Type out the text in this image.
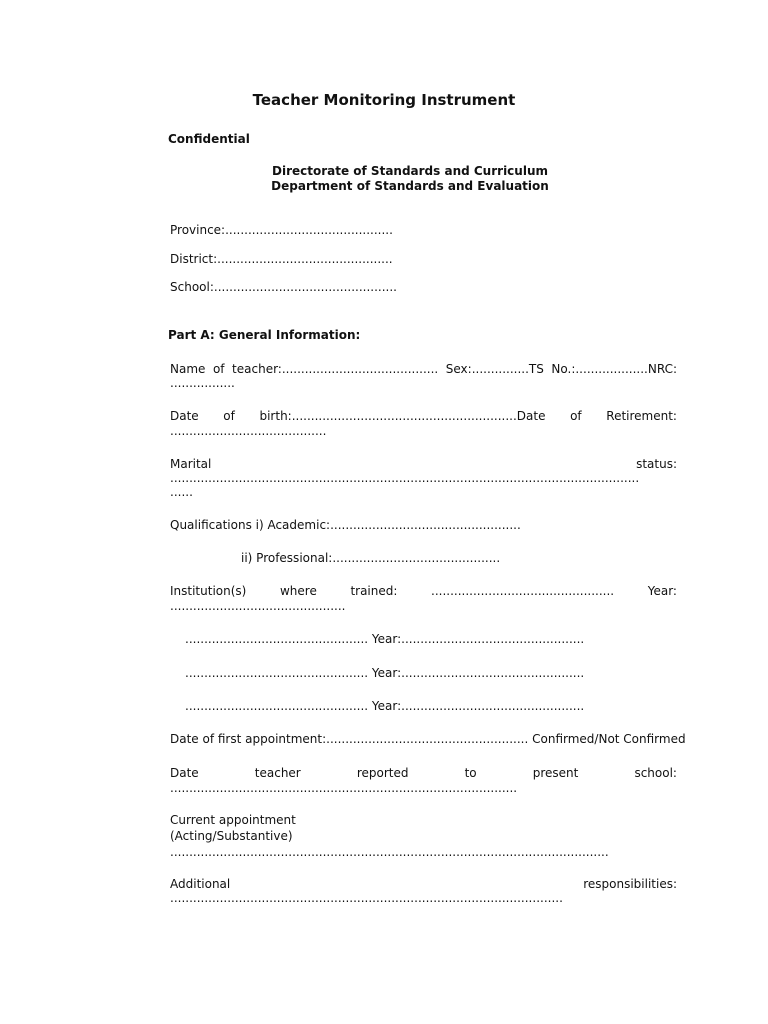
Teacher Monitoring Instrument
Confidential
Directorate of Standards and Curriculum
Department of Standards and Evaluation
Province:............................................
District:..............................................
School:................................................
Part A: General Information:
Name of teacher:......................................... Sex:...............TS No.:...................NRC:
.................
Date of birth:...........................................................Date of Retirement:
.........................................
Marital	status:
...........................................................................................................................
......
Qualifications i) Academic:..................................................
ii) Professional:............................................
Institution(s)	where	trained:	................................................	Year:
..............................................
................................................ Year:................................................
................................................ Year:................................................
................................................ Year:................................................
Date of first appointment:..................................................... Confirmed/Not Confirmed
Date	teacher	reported	to	present	school:
...........................................................................................
Current appointment
(Acting/Substantive)
...................................................................................................................
Additional	responsibilities:
.......................................................................................................
